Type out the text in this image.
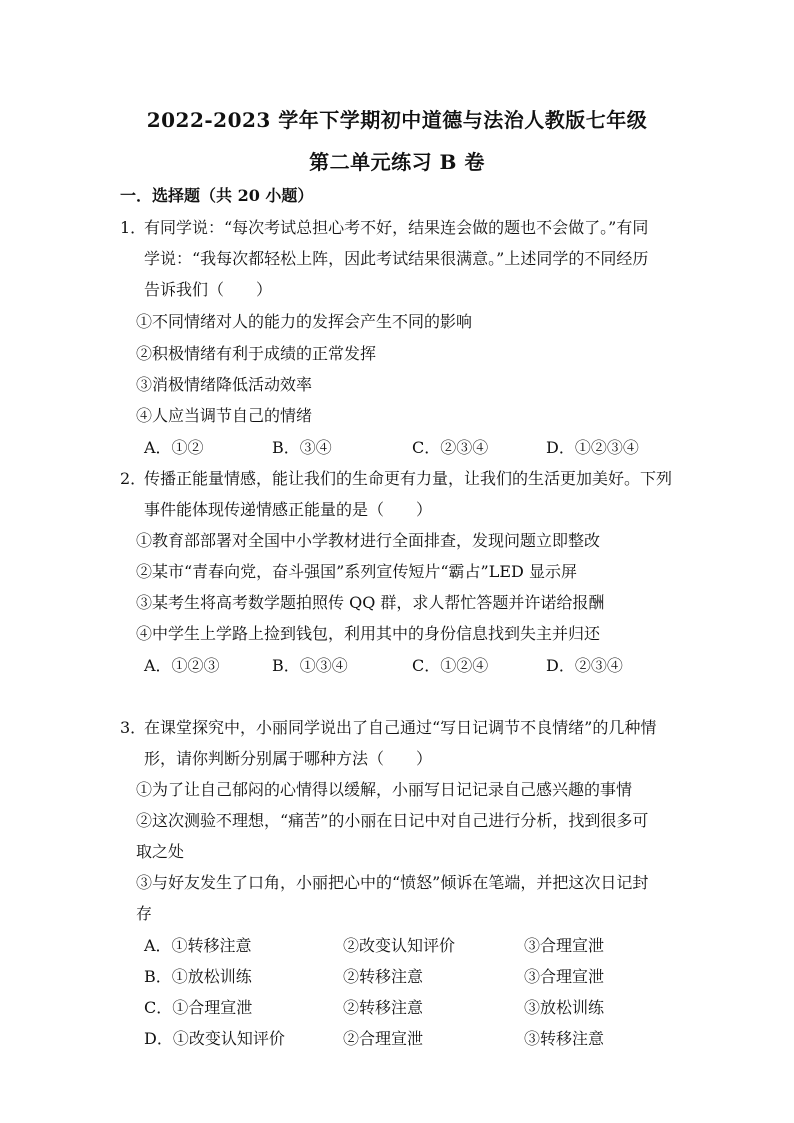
2022-2023 学年下学期初中道德与法治人教版七年级
第二单元练习 B 卷
一．选择题（共 20 小题）
1．
有同学说：“每次考试总担心考不好，结果连会做的题也不会做了。”有同
学说：“我每次都轻松上阵，因此考试结果很满意。”上述同学的不同经历
告诉我们（　　）
①不同情绪对人的能力的发挥会产生不同的影响
②积极情绪有利于成绩的正常发挥
③消极情绪降低活动效率
④人应当调节自己的情绪
A．①②	B．③④	C．②③④	D．①②③④
2．
传播正能量情感，能让我们的生命更有力量，让我们的生活更加美好。下列
事件能体现传递情感正能量的是（　　）
①教育部部署对全国中小学教材进行全面排查，发现问题立即整改
②某市“青春向党，奋斗强国”系列宣传短片“霸占”LED 显示屏
③某考生将高考数学题拍照传 QQ 群，求人帮忙答题并许诺给报酬
④中学生上学路上捡到钱包，利用其中的身份信息找到失主并归还
A．①②③	B．①③④	C．①②④	D．②③④
3．
在课堂探究中，小丽同学说出了自己通过“写日记调节不良情绪”的几种情
形，请你判断分别属于哪种方法（　　）
①为了让自己郁闷的心情得以缓解，小丽写日记记录自己感兴趣的事情
②这次测验不理想，“痛苦”的小丽在日记中对自己进行分析，找到很多可
取之处
③与好友发生了口角，小丽把心中的“愤怒”倾诉在笔端，并把这次日记封
存
A．①转移注意	②改变认知评价	③合理宣泄
B．①放松训练	②转移注意	③合理宣泄
C．①合理宣泄	②转移注意	③放松训练
D．①改变认知评价	②合理宣泄	③转移注意
